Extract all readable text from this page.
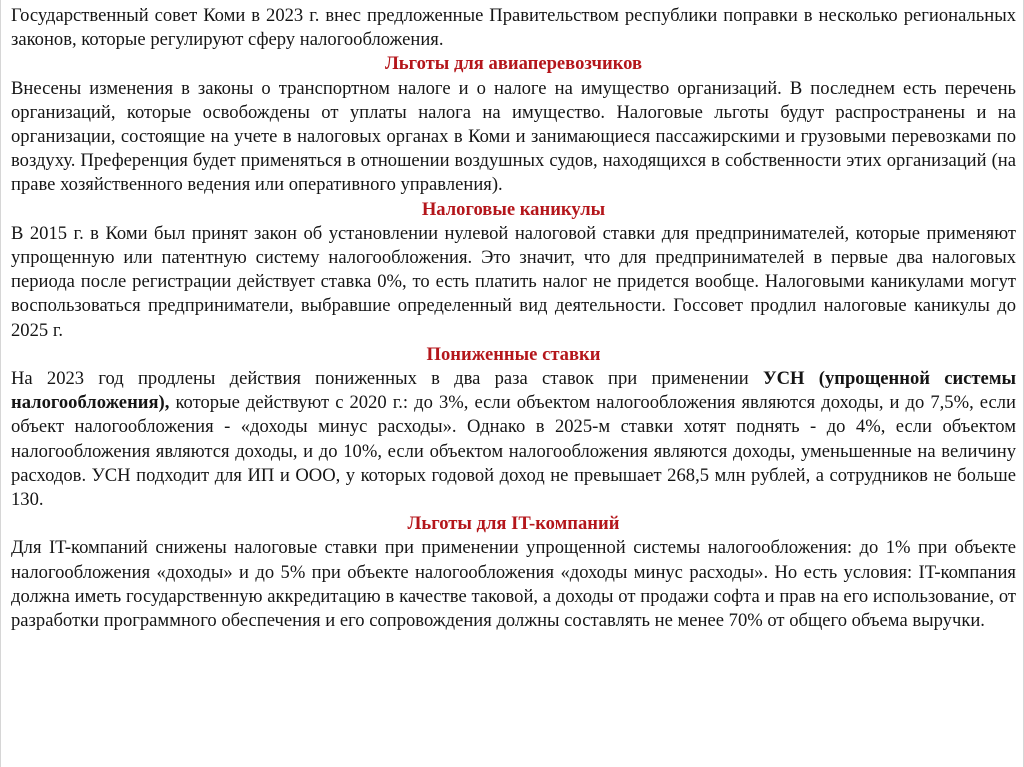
Государственный совет Коми в 2023 г. внес предложенные Правительством республики поправки в несколько региональных законов, которые регулируют сферу налогообложения.

Льготы для авиаперевозчиков

Внесены изменения в законы о транспортном налоге и о налоге на имущество организаций. В последнем есть перечень организаций, которые освобождены от уплаты налога на имущество. Налоговые льготы будут распространены и на организации, состоящие на учете в налоговых органах в Коми и занимающиеся пассажирскими и грузовыми перевозками по воздуху. Преференция будет применяться в отношении воздушных судов, находящихся в собственности этих организаций (на праве хозяйственного ведения или оперативного управления).

Налоговые каникулы

В 2015 г. в Коми был принят закон об установлении нулевой налоговой ставки для предпринимателей, которые применяют упрощенную или патентную систему налогообложения. Это значит, что для предпринимателей в первые два налоговых периода после регистрации действует ставка 0%, то есть платить налог не придется вообще. Налоговыми каникулами могут воспользоваться предприниматели, выбравшие определенный вид деятельности. Госсовет продлил налоговые каникулы до 2025 г.

Пониженные ставки

На 2023 год продлены действия пониженных в два раза ставок при применении УСН (упрощенной системы налогообложения), которые действуют с 2020 г.: до 3%, если объектом налогообложения являются доходы, и до 7,5%, если объект налогообложения - «доходы минус расходы». Однако в 2025-м ставки хотят поднять - до 4%, если объектом налогообложения являются доходы, и до 10%, если объектом налогообложения являются доходы, уменьшенные на величину расходов. УСН подходит для ИП и ООО, у которых годовой доход не превышает 268,5 млн рублей, а сотрудников не больше 130.

Льготы для IT-компаний

Для IT-компаний снижены налоговые ставки при применении упрощенной системы налогообложения: до 1% при объекте налогообложения «доходы» и до 5% при объекте налогообложения «доходы минус расходы». Но есть условия: IT-компания должна иметь государственную аккредитацию в качестве таковой, а доходы от продажи софта и прав на его использование, от разработки программного обеспечения и его сопровождения должны составлять не менее 70% от общего объема выручки.
